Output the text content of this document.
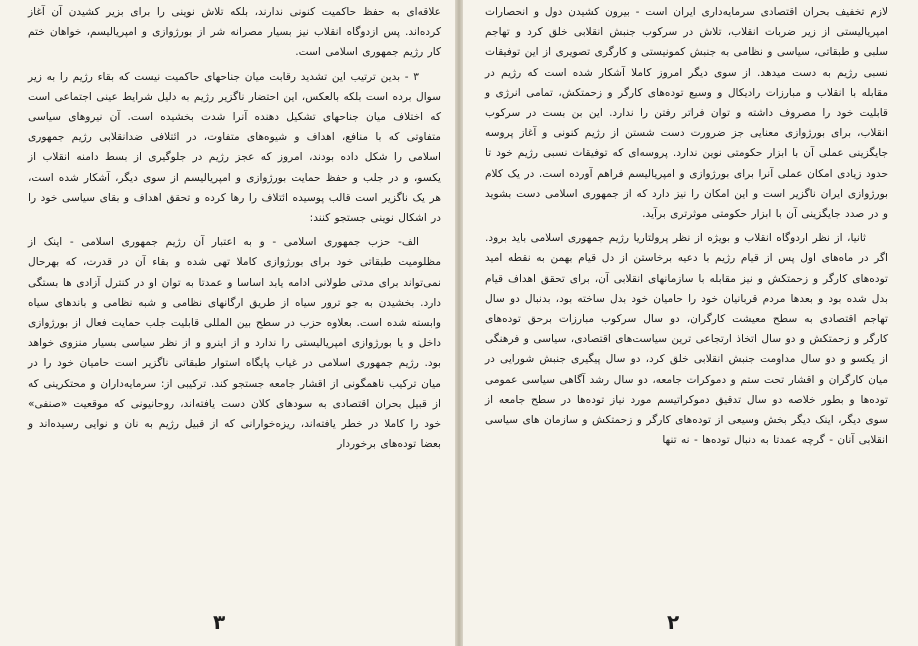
علاقه‌ای به حفظ حاکمیت کنونی ندارند، بلکه تلاش نوینی را برای بزیر کشیدن آن آغاز کرده‌اند. پس ازدوگاه انقلاب نیز بسیار مصرانه شر از بورژوازی و امپریالیسم، خواهان ختم کار رژیم جمهوری اسلامی است.

۳ - بدین ترتیب این تشدید رقابت میان جناحهای حاکمیت نیست که بقاء رژیم را به زیر سوال برده است بلکه بالعکس، این احتضار ناگزیر رژیم به دلیل شرایط عینی اجتماعی است که اختلاف میان جناحهای تشکیل دهنده آنرا شدت بخشیده است. آن نیروهای سیاسی متفاوتی که با منافع، اهداف و شیوه‌های متفاوت، در ائتلافی ضدانقلابی رژیم جمهوری اسلامی را شکل داده بودند، امروز که عجز رژیم در جلوگیری از بسط دامنه انقلاب از یکسو، و در جلب و حفظ حمایت بورژوازی و امپریالیسم از سوی دیگر، آشکار شده است، هر یک ناگزیر است قالب پوسیده ائتلاف را رها کرده و تحقق اهداف و بقای سیاسی خود را در اشکال نوینی جستجو کنند:

الف- حزب جمهوری اسلامی - و به اعتبار آن رژیم جمهوری اسلامی - اینک از مظلومیت طبقاتی خود برای بورژوازی کاملا تهی شده و بقاء آن در قدرت، که بهرحال نمی‌تواند برای مدتی طولانی ادامه یابد اساسا و عمدتا به توان او در کنترل آزادی ها بستگی دارد. بخشیدن به جو ترور سیاه از طریق ارگانهای نظامی و شبه نظامی و باندهای سیاه وابسته شده است. بعلاوه حزب در سطح بین المللی قابلیت جلب حمایت فعال از بورژوازی داخل و یا بورژوازی امپریالیستی را ندارد و از اینرو و از نظر سیاسی بسیار منزوی خواهد بود. رژیم جمهوری اسلامی در غیاب پایگاه استوار طبقاتی ناگزیر است حامیان خود را در میان ترکیب ناهمگونی از اقشار جامعه جستجو کند. ترکیبی از: سرمایه‌داران و محتکرینی که از قبیل بحران اقتصادی به سودهای کلان دست یافته‌اند، روحانیونی که موقعیت «صنفی» خود را کاملا در خطر یافته‌اند، ریزه‌خوارانی که از قبیل رژیم به نان و نوایی رسیده‌اند و بعضا توده‌های برخوردار

۳

لازم تخفیف بحران اقتصادی سرمایه‌داری ایران است - بیرون کشیدن دول و انحصارات امپریالیستی از زیر ضربات انقلاب، تلاش در سرکوب جنبش انقلابی خلق کرد و تهاجم سلبی و طبقاتی، سیاسی و نظامی به جنبش کمونیستی و کارگری تصویری از این توفیقات نسبی رژیم به دست میدهد. از سوی دیگر امروز کاملا آشکار شده است که رژیم در مقابله با انقلاب و مبارزات رادیکال و وسیع توده‌های کارگر و زحمتکش، تمامی انرژی و قابلیت خود را مصروف داشته و توان فراتر رفتن را ندارد. این بن بست در سرکوب انقلاب، برای بورژوازی معنایی جز ضرورت دست شستن از رژیم کنونی و آغاز پروسه جایگزینی عملی آن با ابزار حکومتی نوین ندارد. پروسه‌ای که توفیقات نسبی رژیم خود تا حدود زیادی امکان عملی آنرا برای بورژوازی و امپریالیسم فراهم آورده است. در یک کلام بورژوازی ایران ناگزیر است و این امکان را نیز دارد که از جمهوری اسلامی دست بشوید و در صدد جایگزینی آن با ابزار حکومتی موثرتری برآید.

ثانیا، از نظر اردوگاه انقلاب و بویژه از نظر پرولتاریا رژیم جمهوری اسلامی باید برود. اگر در ماه‌های اول پس از قیام رژیم با دعیه برخاستن از دل قیام بهمن به نقطه امید توده‌های کارگر و زحمتکش و نیز مقابله با سازمانهای انقلابی آن، برای تحقق اهداف قیام بدل شده بود و بعدها مردم قربانیان خود را حامیان خود بدل ساخته بود، بدنبال دو سال تهاجم اقتصادی به سطح معیشت کارگران، دو سال سرکوب مبارزات برحق توده‌های کارگر و زحمتکش و دو سال اتخاذ ارتجاعی ترین سیاست‌های اقتصادی، سیاسی و فرهنگی از یکسو و دو سال مداومت جنبش انقلابی خلق کرد، دو سال پیگیری جنبش شورایی در میان کارگران و اقشار تحت ستم و دموکرات جامعه، دو سال رشد آگاهی سیاسی عمومی توده‌ها و بطور خلاصه دو سال تدقیق دموکراتیسم مورد نیاز توده‌ها در سطح جامعه از سوی دیگر، اینک دیگر بخش وسیعی از توده‌های کارگر و زحمتکش و سازمان های سیاسی انقلابی آنان - گرچه عمدتا به دنبال توده‌ها - نه تنها

۲
